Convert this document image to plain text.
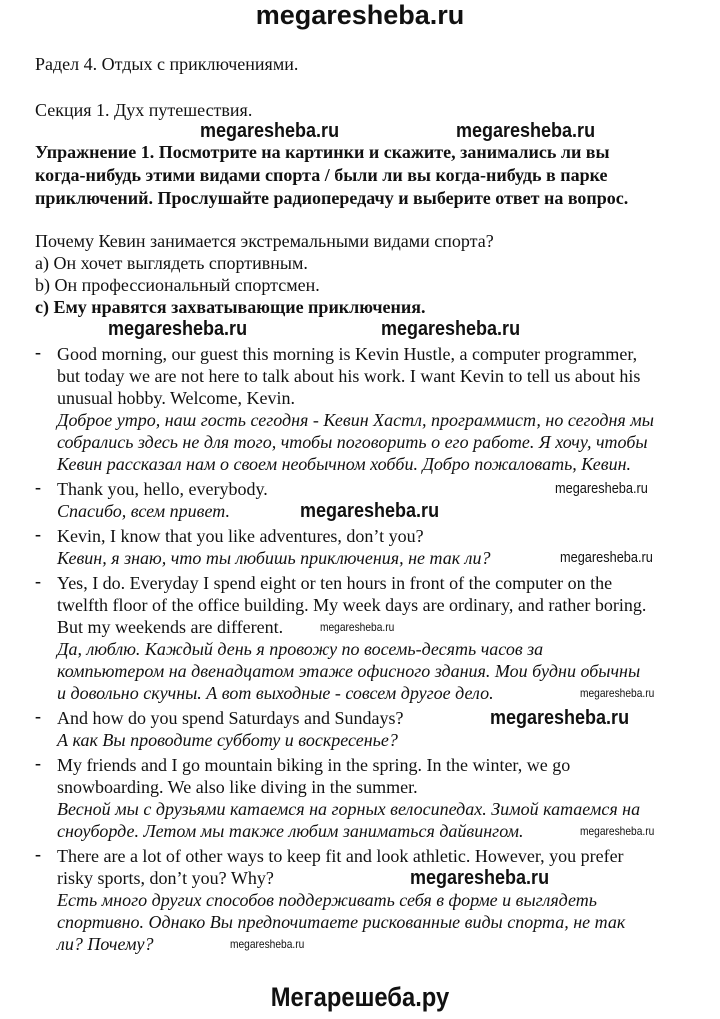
megaresheba.ru
Радел 4. Отдых с приключениями.
Секция 1. Дух путешествия.
Упражнение 1. Посмотрите на картинки и скажите, занимались ли вы
когда-нибудь этими видами спорта / были ли вы когда-нибудь в парке
приключений. Прослушайте радиопередачу и выберите ответ на вопрос.
Почему Кевин занимается экстремальными видами спорта?
a) Он хочет выглядеть спортивным.
b) Он профессиональный спортсмен.
c) Ему нравятся захватывающие приключения.
- Good morning, our guest this morning is Kevin Hustle, a computer programmer,
but today we are not here to talk about his work. I want Kevin to tell us about his
unusual hobby. Welcome, Kevin.
Доброе утро, наш гость сегодня - Кевин Хастл, программист, но сегодня мы
собрались здесь не для того, чтобы поговорить о его работе. Я хочу, чтобы
Кевин рассказал нам о своем необычном хобби. Добро пожаловать, Кевин.
- Thank you, hello, everybody.
Спасибо, всем привет.
- Kevin, I know that you like adventures, don’t you?
Кевин, я знаю, что ты любишь приключения, не так ли?
- Yes, I do. Everyday I spend eight or ten hours in front of the computer on the
twelfth floor of the office building. My week days are ordinary, and rather boring.
But my weekends are different.
Да, люблю. Каждый день я провожу по восемь-десять часов за
компьютером на двенадцатом этаже офисного здания. Мои будни обычны
и довольно скучны. А вот выходные - совсем другое дело.
- And how do you spend Saturdays and Sundays?
А как Вы проводите субботу и воскресенье?
- My friends and I go mountain biking in the spring. In the winter, we go
snowboarding. We also like diving in the summer.
Весной мы с друзьями катаемся на горных велосипедах. Зимой катаемся на
сноуборде. Летом мы также любим заниматься дайвингом.
- There are a lot of other ways to keep fit and look athletic. However, you prefer
risky sports, don’t you? Why?
Есть много других способов поддерживать себя в форме и выглядеть
спортивно. Однако Вы предпочитаете рискованные виды спорта, не так
ли? Почему?
megaresheba.ru	megaresheba.ru
megaresheba.ru	megaresheba.ru
megaresheba.ru
megaresheba.ru
megaresheba.ru
megaresheba.ru
megaresheba.ru
megaresheba.ru
megaresheba.ru
megaresheba.ru
megaresheba.ru
Мегарешеба.ру
